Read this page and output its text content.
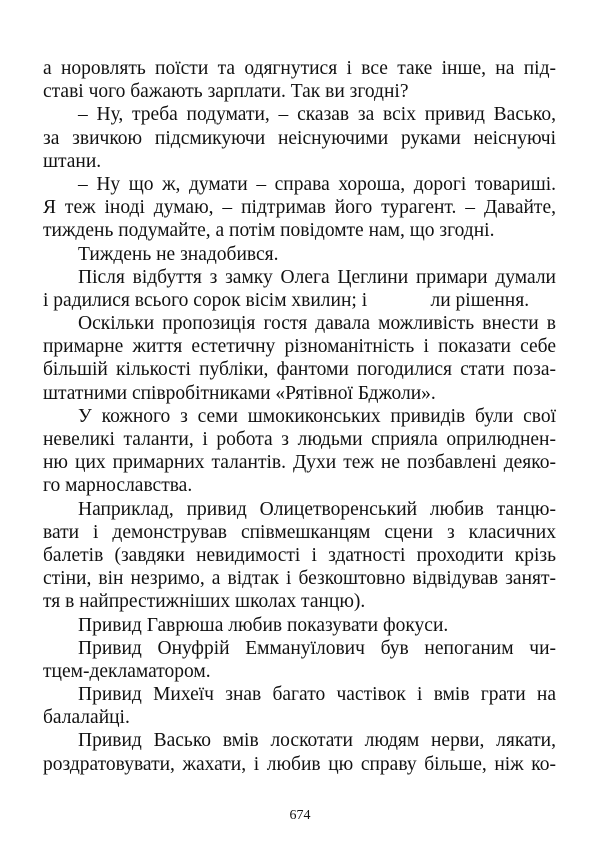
а норовлять поїсти та одягнутися і все таке інше, на під-
ставі чого бажають зарплати. Так ви згодні?
– Ну, треба подумати, – сказав за всіх привид Васько,
за звичкою підсмикуючи неіснуючими руками неіснуючі
штани.
– Ну що ж, думати – справа хороша, дорогі товариші.
Я теж іноді думаю, – підтримав його турагент. – Давайте,
тиждень подумайте, а потім повідомте нам, що згодні.
Тиждень не знадобився.
Після відбуття з замку Олега Цеглини примари думали
і радилися всього сорок вісім хвилин; і             ли рішення.
Оскільки пропозиція гостя давала можливість внести в
примарне життя естетичну різноманітність і показати себе
більшій кількості публіки, фантоми погодилися стати поза-
штатними співробітниками «Рятівної Бджоли».
У кожного з семи шмокиконських привидів були свої
невеликі таланти, і робота з людьми сприяла оприлюднен-
ню цих примарних талантів. Духи теж не позбавлені деяко-
го марнославства.
Наприклад, привид Олицетворенський любив танцю-
вати і демонстрував співмешканцям сцени з класичних
балетів (завдяки невидимості і здатності проходити крізь
стіни, він незримо, а відтак і безкоштовно відвідував занят-
тя в найпрестижніших школах танцю).
Привид Гаврюша любив показувати фокуси.
Привид Онуфрій Еммануїлович був непоганим чи-
тцем-декламатором.
Привид Михеїч знав багато частівок і вмів грати на
балалайці.
Привид Васько вмів лоскотати людям нерви, лякати,
роздратовувати, жахати, і любив цю справу більше, ніж ко-
674
